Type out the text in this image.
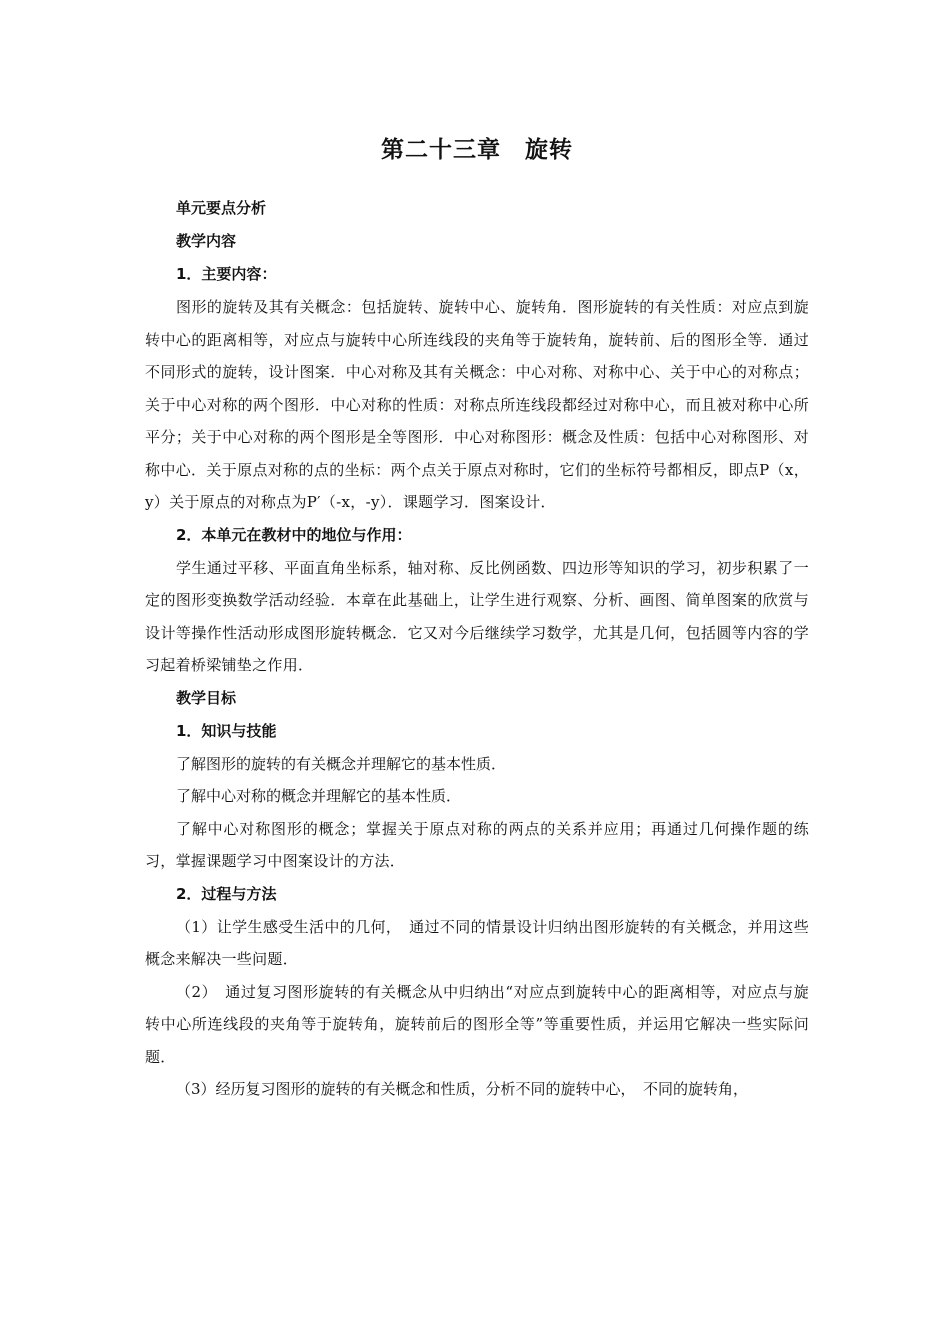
第二十三章　旋转
单元要点分析
教学内容
1．主要内容：

图形的旋转及其有关概念：包括旋转、旋转中心、旋转角．图形旋转的有关性质：对应点到旋转中心的距离相等，对应点与旋转中心所连线段的夹角等于旋转角，旋转前、后的图形全等．通过不同形式的旋转，设计图案．中心对称及其有关概念：中心对称、对称中心、关于中心的对称点；关于中心对称的两个图形．中心对称的性质：对称点所连线段都经过对称中心，而且被对称中心所平分；关于中心对称的两个图形是全等图形．中心对称图形：概念及性质：包括中心对称图形、对称中心．关于原点对称的点的坐标：两个点关于原点对称时，它们的坐标符号都相反，即点P（x，y）关于原点的对称点为P′（-x，-y）．课题学习．图案设计．

2．本单元在教材中的地位与作用：

学生通过平移、平面直角坐标系，轴对称、反比例函数、四边形等知识的学习，初步积累了一定的图形变换数学活动经验．本章在此基础上，让学生进行观察、分析、画图、简单图案的欣赏与设计等操作性活动形成图形旋转概念．它又对今后继续学习数学，尤其是几何，包括圆等内容的学习起着桥梁铺垫之作用．

教学目标
1．知识与技能

了解图形的旋转的有关概念并理解它的基本性质．

了解中心对称的概念并理解它的基本性质．

了解中心对称图形的概念；掌握关于原点对称的两点的关系并应用；再通过几何操作题的练习，掌握课题学习中图案设计的方法．

2．过程与方法

（1）让学生感受生活中的几何，　通过不同的情景设计归纳出图形旋转的有关概念，并用这些概念来解决一些问题．

（2）　通过复习图形旋转的有关概念从中归纳出“对应点到旋转中心的距离相等，对应点与旋转中心所连线段的夹角等于旋转角，旋转前后的图形全等”等重要性质，并运用它解决一些实际问题．

（3）经历复习图形的旋转的有关概念和性质，分析不同的旋转中心，　不同的旋转角，
